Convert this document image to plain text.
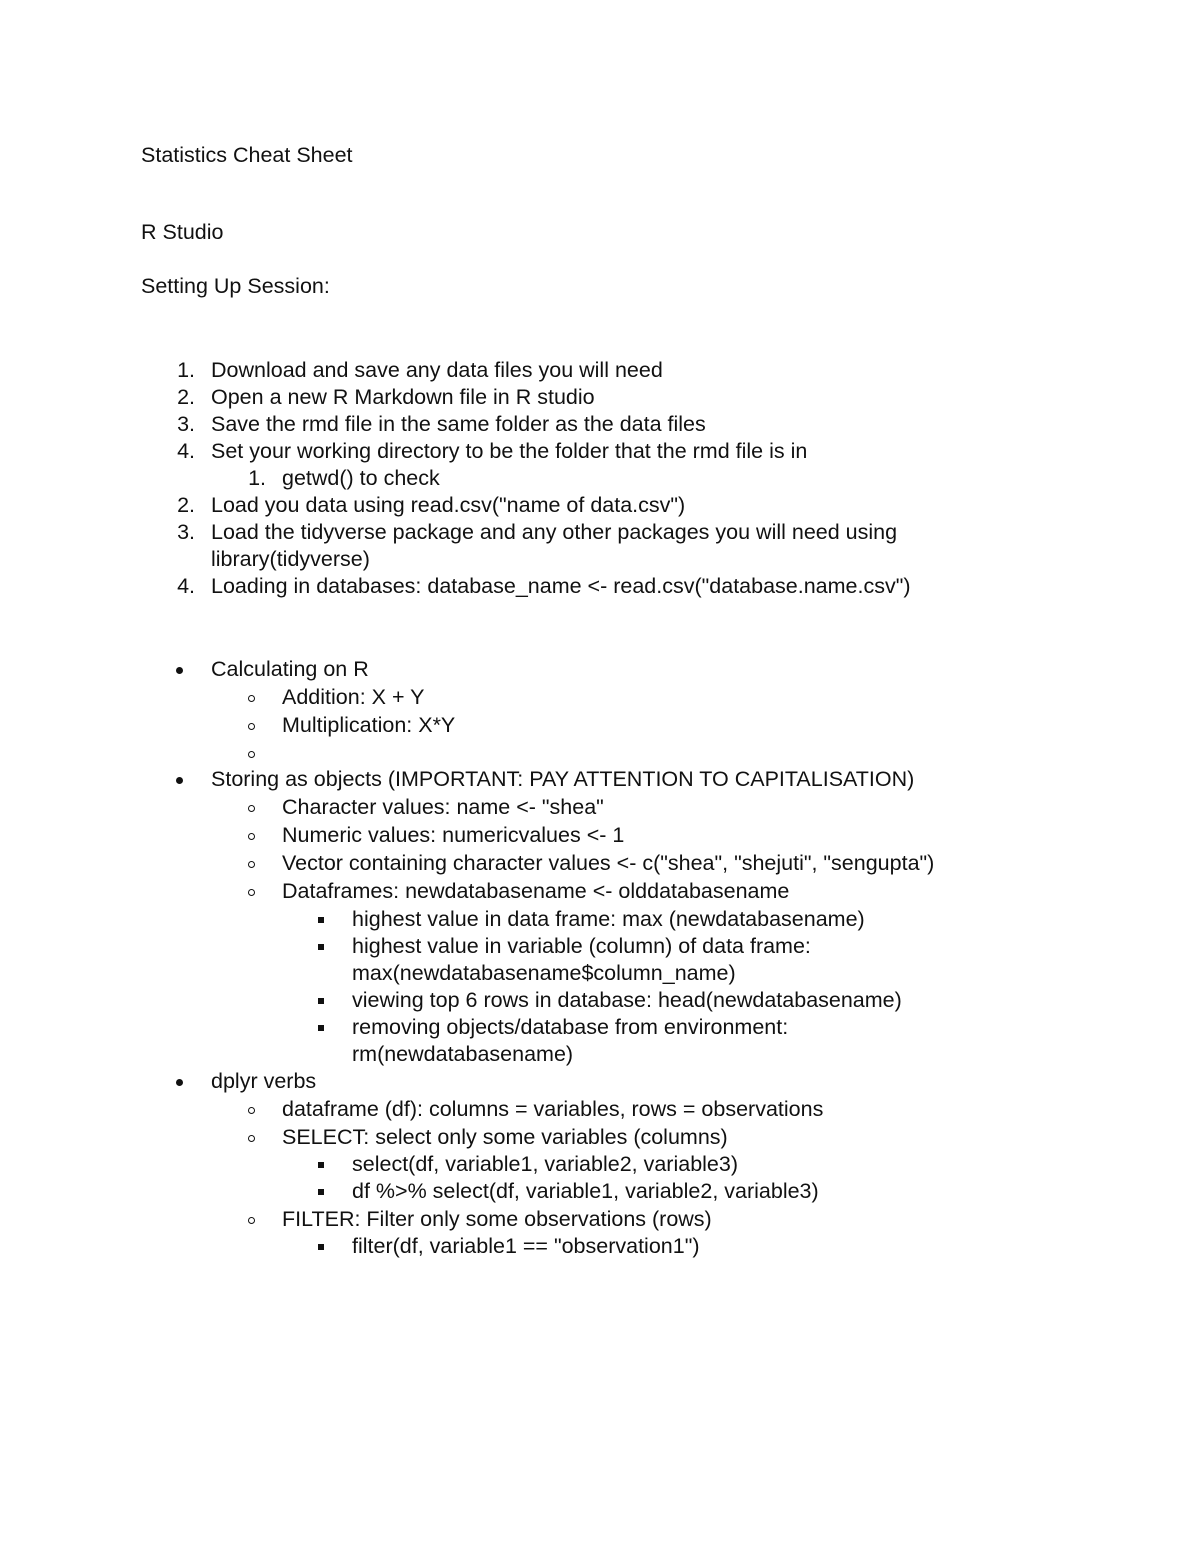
Statistics Cheat Sheet
R Studio
Setting Up Session:
1. Download and save any data files you will need
2. Open a new R Markdown file in R studio
3. Save the rmd file in the same folder as the data files
4. Set your working directory to be the folder that the rmd file is in
1. getwd() to check
2. Load you data using read.csv("name of data.csv")
3. Load the tidyverse package and any other packages you will need using
library(tidyverse)
4. Loading in databases: database_name <- read.csv("database.name.csv")
Calculating on R
Addition: X + Y
Multiplication: X*Y
Storing as objects (IMPORTANT: PAY ATTENTION TO CAPITALISATION)
Character values: name <- "shea"
Numeric values: numericvalues <- 1
Vector containing character values <- c("shea", "shejuti", "sengupta")
Dataframes: newdatabasename <- olddatabasename
highest value in data frame: max (newdatabasename)
highest value in variable (column) of data frame:
max(newdatabasename$column_name)
viewing top 6 rows in database: head(newdatabasename)
removing objects/database from environment:
rm(newdatabasename)
dplyr verbs
dataframe (df): columns = variables, rows = observations
SELECT: select only some variables (columns)
select(df, variable1, variable2, variable3)
df %>% select(df, variable1, variable2, variable3)
FILTER: Filter only some observations (rows)
filter(df, variable1 == "observation1")
